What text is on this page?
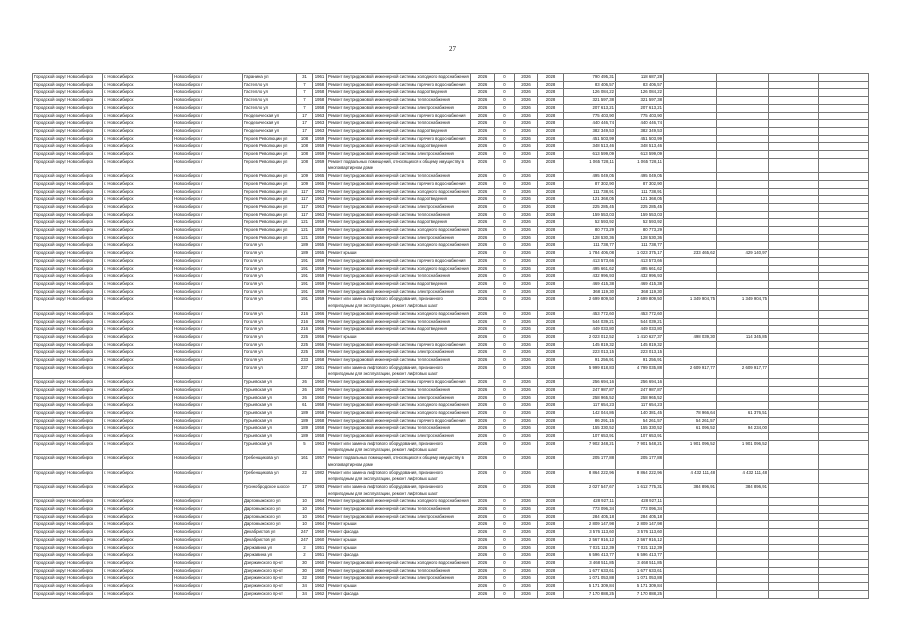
27
Городской округ Новосибирск	г. Новосибирск	Новосибирск г	Гаранина ул	31	1961	Ремонт внутридомовой инженерной системы холодного водоснабжения	2026	0	2026	2028	790 495,31	118 687,28				
Городской округ Новосибирск	г. Новосибирск	Новосибирск г	Гастелло ул	7	1958	Ремонт внутридомовой инженерной системы горячего водоснабжения	2026	0	2026	2028	83 406,57	83 406,57				
Городской округ Новосибирск	г. Новосибирск	Новосибирск г	Гастелло ул	7	1958	Ремонт внутридомовой инженерной системы водоотведения	2026	0	2026	2028	126 084,22	126 084,22				
Городской округ Новосибирск	г. Новосибирск	Новосибирск г	Гастелло ул	7	1958	Ремонт внутридомовой инженерной системы теплоснабжения	2026	0	2026	2028	321 597,38	321 597,38				
Городской округ Новосибирск	г. Новосибирск	Новосибирск г	Гастелло ул	7	1958	Ремонт внутридомовой инженерной системы электроснабжения	2026	0	2026	2028	207 613,21	207 613,21				
Городской округ Новосибирск	г. Новосибирск	Новосибирск г	Геодезическая ул	17	1963	Ремонт внутридомовой инженерной системы горячего водоснабжения	2026	0	2026	2028	775 403,90	775 403,90				
Городской округ Новосибирск	г. Новосибирск	Новосибирск г	Геодезическая ул	17	1963	Ремонт внутридомовой инженерной системы теплоснабжения	2026	0	2026	2028	440 446,74	440 446,74				
Городской округ Новосибирск	г. Новосибирск	Новосибирск г	Геодезическая ул	17	1963	Ремонт внутридомовой инженерной системы водоотведения	2026	0	2026	2028	382 349,53	382 349,53				
Городской округ Новосибирск	г. Новосибирск	Новосибирск г	Героев Революции ул	108	1959	Ремонт внутридомовой инженерной системы горячего водоснабжения	2026	0	2026	2028	451 503,99	451 503,99				
Городской округ Новосибирск	г. Новосибирск	Новосибирск г	Героев Революции ул	108	1959	Ремонт внутридомовой инженерной системы водоотведения	2026	0	2026	2028	348 513,46	348 513,46				
Городской округ Новосибирск	г. Новосибирск	Новосибирск г	Героев Революции ул	108	1959	Ремонт внутридомовой инженерной системы электроснабжения	2026	0	2026	2028	613 599,09	613 599,09				
Городской округ Новосибирск	г. Новосибирск	Новосибирск г	Героев Революции ул	108	1959	Ремонт подвальных помещений, относящихся к общему имуществу в многоквартирном доме	2026	0	2026	2028	1 065 728,11	1 065 728,11				
Городской округ Новосибирск	г. Новосибирск	Новосибирск г	Героев Революции ул	109	1965	Ремонт внутридомовой инженерной системы теплоснабжения	2026	0	2026	2028	495 049,05	495 049,05				
Городской округ Новосибирск	г. Новосибирск	Новосибирск г	Героев Революции ул	109	1965	Ремонт внутридомовой инженерной системы горячего водоснабжения	2026	0	2026	2028	87 302,90	87 302,90				
Городской округ Новосибирск	г. Новосибирск	Новосибирск г	Героев Революции ул	117	1963	Ремонт внутридомовой инженерной системы холодного водоснабжения	2026	0	2026	2028	111 738,91	111 738,91				
Городской округ Новосибирск	г. Новосибирск	Новосибирск г	Героев Революции ул	117	1963	Ремонт внутридомовой инженерной системы водоотведения	2026	0	2026	2028	121 368,05	121 368,05				
Городской округ Новосибирск	г. Новосибирск	Новосибирск г	Героев Революции ул	117	1963	Ремонт внутридомовой инженерной системы электроснабжения	2026	0	2026	2028	225 285,45	225 285,45				
Городской округ Новосибирск	г. Новосибирск	Новосибирск г	Героев Революции ул	117	1963	Ремонт внутридомовой инженерной системы теплоснабжения	2026	0	2026	2028	159 553,03	159 553,03				
Городской округ Новосибирск	г. Новосибирск	Новосибирск г	Героев Революции ул	121	1959	Ремонт внутридомовой инженерной системы водоотведения	2026	0	2026	2028	52 593,92	52 593,92				
Городской округ Новосибирск	г. Новосибирск	Новосибирск г	Героев Революции ул	121	1959	Ремонт внутридомовой инженерной системы холодного водоснабжения	2026	0	2026	2028	80 773,29	80 773,29				
Городской округ Новосибирск	г. Новосибирск	Новосибирск г	Героев Революции ул	121	1959	Ремонт внутридомовой инженерной системы электроснабжения	2026	0	2026	2028	128 530,36	128 530,36				
Городской округ Новосибирск	г. Новосибирск	Новосибирск г	Гоголя ул	189	1955	Ремонт внутридомовой инженерной системы холодного водоснабжения	2026	0	2026	2028	111 738,77	111 738,77				
Городской округ Новосибирск	г. Новосибирск	Новосибирск г	Гоголя ул	189	1955	Ремонт крыши	2026	0	2026	2028	1 784 406,08	1 023 375,17	233 465,62	429 140,97		
Городской округ Новосибирск	г. Новосибирск	Новосибирск г	Гоголя ул	191	1959	Ремонт внутридомовой инженерной системы горячего водоснабжения	2026	0	2026	2028	413 573,66	413 573,66				
Городской округ Новосибирск	г. Новосибирск	Новосибирск г	Гоголя ул	191	1959	Ремонт внутридомовой инженерной системы холодного водоснабжения	2026	0	2026	2028	495 661,62	495 661,62				
Городской округ Новосибирск	г. Новосибирск	Новосибирск г	Гоголя ул	191	1959	Ремонт внутридомовой инженерной системы теплоснабжения	2026	0	2026	2028	432 996,93	432 996,93				
Городской округ Новосибирск	г. Новосибирск	Новосибирск г	Гоголя ул	191	1959	Ремонт внутридомовой инженерной системы водоотведения	2026	0	2026	2028	469 415,38	469 415,38				
Городской округ Новосибирск	г. Новосибирск	Новосибирск г	Гоголя ул	191	1959	Ремонт внутридомовой инженерной системы электроснабжения	2026	0	2026	2028	368 119,30	368 119,30				
Городской округ Новосибирск	г. Новосибирск	Новосибирск г	Гоголя ул	191	1959	Ремонт или замена лифтового оборудования, признанного непригодным для эксплуатации, ремонт лифтовых шахт	2026	0	2026	2028	2 699 809,50	2 699 809,50	1 349 904,75	1 349 904,75		
Городской округ Новосибирск	г. Новосибирск	Новосибирск г	Гоголя ул	216	1966	Ремонт внутридомовой инженерной системы холодного водоснабжения	2026	0	2026	2028	453 772,60	453 772,60				
Городской округ Новосибирск	г. Новосибирск	Новосибирск г	Гоголя ул	216	1966	Ремонт внутридомовой инженерной системы теплоснабжения	2026	0	2026	2028	544 039,21	544 039,21				
Городской округ Новосибирск	г. Новосибирск	Новосибирск г	Гоголя ул	216	1966	Ремонт внутридомовой инженерной системы водоотведения	2026	0	2026	2028	449 033,80	449 033,80				
Городской округ Новосибирск	г. Новосибирск	Новосибирск г	Гоголя ул	225	1956	Ремонт крыши	2026	0	2026	2028	2 023 012,52	1 410 627,37	498 039,30	114 345,85		
Городской округ Новосибирск	г. Новосибирск	Новосибирск г	Гоголя ул	225	1956	Ремонт внутридомовой инженерной системы горячего водоснабжения	2026	0	2026	2028	145 819,32	145 819,32				
Городской округ Новосибирск	г. Новосибирск	Новосибирск г	Гоголя ул	225	1956	Ремонт внутридомовой инженерной системы электроснабжения	2026	0	2026	2028	223 013,15	223 013,15				
Городской округ Новосибирск	г. Новосибирск	Новосибирск г	Гоголя ул	233	1958	Ремонт внутридомовой инженерной системы теплоснабжения	2026	0	2026	2028	91 256,91	91 256,91				
Городской округ Новосибирск	г. Новосибирск	Новосибирск г	Гоголя ул	237	1961	Ремонт или замена лифтового оборудования, признанного непригодным для эксплуатации, ремонт лифтовых шахт	2026	0	2026	2028	5 999 818,83	4 799 035,88	2 609 917,77	2 609 917,77		
Городской округ Новосибирск	г. Новосибирск	Новосибирск г	Гурьевская ул	26	1960	Ремонт внутридомовой инженерной системы горячего водоснабжения	2026	0	2026	2028	256 694,16	256 694,16				
Городской округ Новосибирск	г. Новосибирск	Новосибирск г	Гурьевская ул	26	1960	Ремонт внутридомовой инженерной системы теплоснабжения	2026	0	2026	2028	247 987,87	247 987,87				
Городской округ Новосибирск	г. Новосибирск	Новосибирск г	Гурьевская ул	26	1960	Ремонт внутридомовой инженерной системы электроснабжения	2026	0	2026	2028	258 965,52	258 965,52				
Городской округ Новосибирск	г. Новосибирск	Новосибирск г	Гурьевская ул	61	1958	Ремонт внутридомовой инженерной системы холодного водоснабжения	2026	0	2026	2028	117 654,23	117 654,23				
Городской округ Новосибирск	г. Новосибирск	Новосибирск г	Гурьевская ул	189	1958	Ремонт внутридомовой инженерной системы холодного водоснабжения	2026	0	2026	2028	142 044,86	140 381,45	78 966,64	61 376,51		
Городской округ Новосибирск	г. Новосибирск	Новосибирск г	Гурьевская ул	189	1958	Ремонт внутридомовой инженерной системы горячего водоснабжения	2026	0	2026	2028	86 291,15	54 261,57	54 261,57			
Городской округ Новосибирск	г. Новосибирск	Новосибирск г	Гурьевская ул	189	1958	Ремонт внутридомовой инженерной системы теплоснабжения	2026	0	2026	2028	155 330,52	155 330,52	61 096,52	94 234,00		
Городской округ Новосибирск	г. Новосибирск	Новосибирск г	Гурьевская ул	189	1958	Ремонт внутридомовой инженерной системы электроснабжения	2026	0	2026	2028	107 653,91	107 653,91				
Городской округ Новосибирск	г. Новосибирск	Новосибирск г	Гурьевская ул	5	1963	Ремонт или замена лифтового оборудования, признанного непригодным для эксплуатации, ремонт лифтовых шахт	2026	0	2026	2028	7 902 348,21	7 901 548,21	1 901 096,52	1 901 096,52		
Городской округ Новосибирск	г. Новосибирск	Новосибирск г	Гребенщикова ул	161	1957	Ремонт подвальных помещений, относящихся к общему имуществу в многоквартирном доме	2026	0	2026	2028	205 177,88	205 177,88				
Городской округ Новосибирск	г. Новосибирск	Новосибирск г	Гребенщикова ул	22	1982	Ремонт или замена лифтового оборудования, признанного непригодным для эксплуатации, ремонт лифтовых шахт	2026	0	2026	2028	8 864 222,96	8 864 222,96	4 432 111,48	4 432 111,48		
Городской округ Новосибирск	г. Новосибирск	Новосибирск г	Гусинобродское шоссе	17	1993	Ремонт или замена лифтового оборудования, признанного непригодным для эксплуатации, ремонт лифтовых шахт	2026	0	2026	2028	2 027 547,67	1 612 775,31	384 896,91	384 896,91		
Городской округ Новосибирск	г. Новосибирск	Новосибирск г	Даргомыжского ул	10	1964	Ремонт внутридомовой инженерной системы холодного водоснабжения	2026	0	2026	2028	428 927,11	428 927,11				
Городской округ Новосибирск	г. Новосибирск	Новосибирск г	Даргомыжского ул	10	1964	Ремонт внутридомовой инженерной системы теплоснабжения	2026	0	2026	2028	773 096,34	773 096,34				
Городской округ Новосибирск	г. Новосибирск	Новосибирск г	Даргомыжского ул	10	1964	Ремонт внутридомовой инженерной системы электроснабжения	2026	0	2026	2028	284 405,18	284 405,18				
Городской округ Новосибирск	г. Новосибирск	Новосибирск г	Даргомыжского ул	10	1964	Ремонт крыши	2026	0	2026	2028	2 809 147,98	2 809 147,98				
Городской округ Новосибирск	г. Новосибирск	Новосибирск г	Декабристов ул	247	1960	Ремонт фасада	2026	0	2026	2028	3 576 113,60	3 576 113,60				
Городской округ Новосибирск	г. Новосибирск	Новосибирск г	Декабристов ул	247	1960	Ремонт крыши	2026	0	2026	2028	2 567 916,12	2 567 916,12				
Городской округ Новосибирск	г. Новосибирск	Новосибирск г	Державина ул	2	1951	Ремонт крыши	2026	0	2026	2028	7 021 112,39	7 021 112,39				
Городской округ Новосибирск	г. Новосибирск	Новосибирск г	Державина ул	2	1951	Ремонт фасада	2026	0	2026	2028	6 596 413,77	6 596 413,77				
Городской округ Новосибирск	г. Новосибирск	Новосибирск г	Дзержинского пр-кт	30	1960	Ремонт внутридомовой инженерной системы холодного водоснабжения	2026	0	2026	2028	3 468 511,85	3 468 511,85				
Городской округ Новосибирск	г. Новосибирск	Новосибирск г	Дзержинского пр-кт	30	1960	Ремонт внутридомовой инженерной системы теплоснабжения	2026	0	2026	2028	1 677 633,61	1 677 633,61				
Городской округ Новосибирск	г. Новосибирск	Новосибирск г	Дзержинского пр-кт	32	1960	Ремонт внутридомовой инженерной системы электроснабжения	2026	0	2026	2028	1 071 053,88	1 071 053,88				
Городской округ Новосибирск	г. Новосибирск	Новосибирск г	Дзержинского пр-кт	34	1962	Ремонт крыши	2026	0	2026	2028	5 171 309,84	5 171 309,84				
Городской округ Новосибирск	г. Новосибирск	Новосибирск г	Дзержинского пр-кт	34	1962	Ремонт фасада	2026	0	2026	2028	7 170 888,25	7 170 888,25				
